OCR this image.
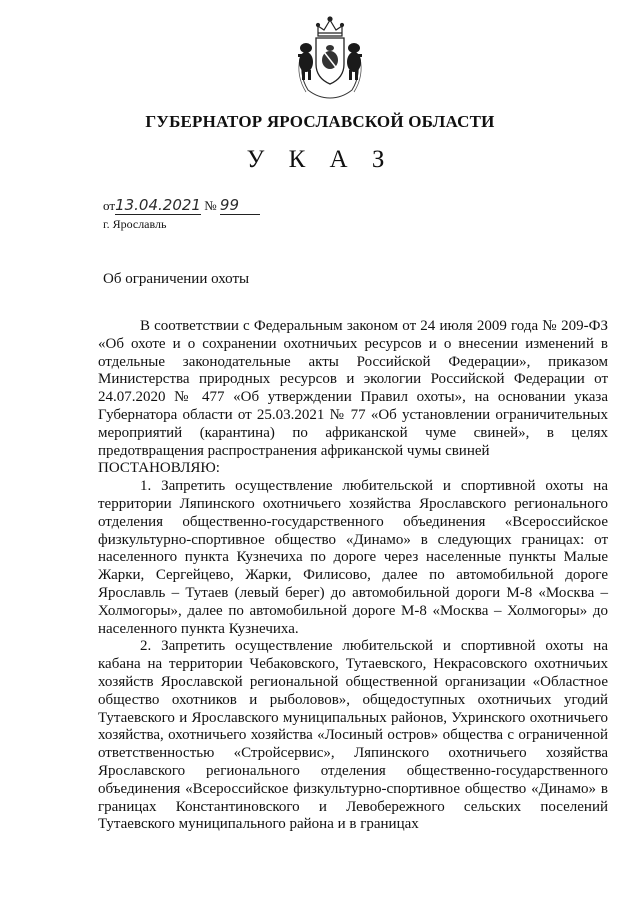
ГУБЕРНАТОР ЯРОСЛАВСКОЙ ОБЛАСТИ
У К А З
от13.04.2021 № 99
г. Ярославль
Об ограничении охоты

В соответствии с Федеральным законом от 24 июля 2009 года № 209-ФЗ «Об охоте и о сохранении охотничьих ресурсов и о внесении изменений в отдельные законодательные акты Российской Федерации», приказом Министерства природных ресурсов и экологии Российской Федерации от 24.07.2020 № 477 «Об утверждении Правил охоты», на основании указа Губернатора области от 25.03.2021 № 77 «Об установлении ограничительных мероприятий (карантина) по африканской чуме свиней», в целях предотвращения распространения африканской чумы свиней

ПОСТАНОВЛЯЮ:

1. Запретить осуществление любительской и спортивной охоты на территории Ляпинского охотничьего хозяйства Ярославского регионального отделения общественно-государственного объединения «Всероссийское физкультурно-спортивное общество «Динамо» в следующих границах: от населенного пункта Кузнечиха по дороге через населенные пункты Малые Жарки, Сергейцево, Жарки, Филисово, далее по автомобильной дороге Ярославль – Тутаев (левый берег) до автомобильной дороги М-8 «Москва – Холмогоры», далее по автомобильной дороге М-8 «Москва – Холмогоры» до населенного пункта Кузнечиха.

2. Запретить осуществление любительской и спортивной охоты на кабана на территории Чебаковского, Тутаевского, Некрасовского охотничьих хозяйств Ярославской региональной общественной организации «Областное общество охотников и рыболовов», общедоступных охотничьих угодий Тутаевского и Ярославского муниципальных районов, Ухринского охотничьего хозяйства, охотничьего хозяйства «Лосиный остров» общества с ограниченной ответственностью «Стройсервис», Ляпинского охотничьего хозяйства Ярославского регионального отделения общественно-государственного объединения «Всероссийское физкультурно-спортивное общество «Динамо» в границах Константиновского и Левобережного сельских поселений Тутаевского муниципального района и в границах
